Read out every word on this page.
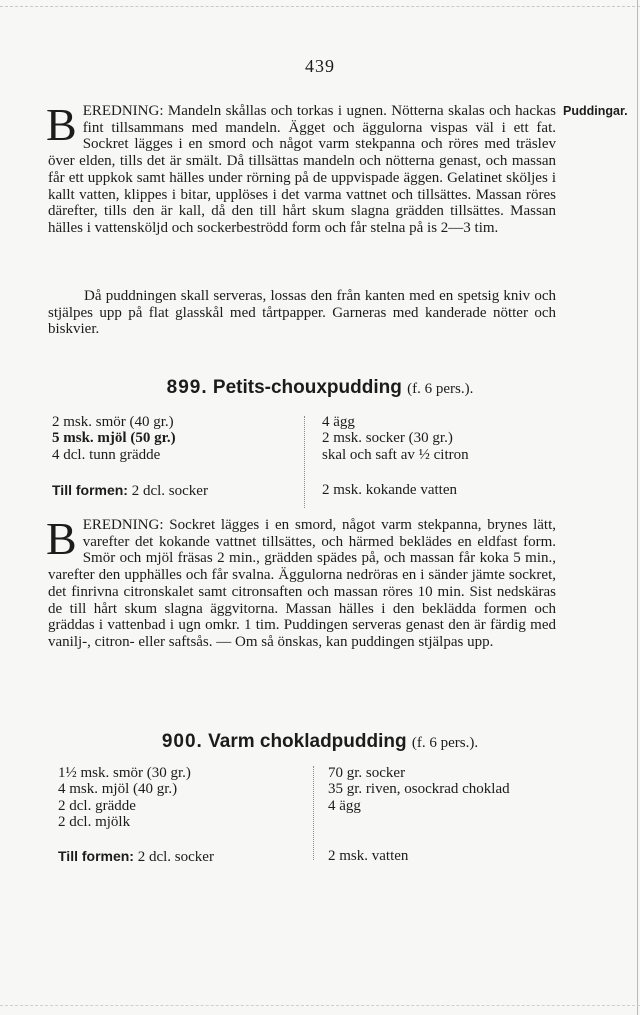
439
Puddingar.
BEREDNING: Mandeln skållas och torkas i ugnen. Nötterna skalas och hackas fint tillsammans med mandeln. Ägget och äggulorna vispas väl i ett fat. Sockret lägges i en smord och något varm stekpanna och röres med träslev över elden, tills det är smält. Då tillsättas mandeln och nötterna genast, och massan får ett uppkok samt hälles under rörning på de uppvispade äggen. Gelatinet sköljes i kallt vatten, klippes i bitar, upplöses i det varma vattnet och tillsättes. Massan röres därefter, tills den är kall, då den till hårt skum slagna grädden tillsättes. Massan hälles i vattensköljd och sockerbeströdd form och får stelna på is 2—3 tim.
Då puddningen skall serveras, lossas den från kanten med en spetsig kniv och stjälpes upp på flat glasskål med tårtpapper. Garneras med kanderade nötter och biskvier.
899. Petits-chouxpudding (f. 6 pers.).
2 msk. smör (40 gr.)
5 msk. mjöl (50 gr.)
4 dcl. tunn grädde
4 ägg
2 msk. socker (30 gr.)
skal och saft av ½ citron
Till formen: 2 dcl. socker	2 msk. kokande vatten
BEREDNING: Sockret lägges i en smord, något varm stekpanna, brynes lätt, varefter det kokande vattnet tillsättes, och härmed beklädes en eldfast form. Smör och mjöl fräsas 2 min., grädden spädes på, och massan får koka 5 min., varefter den upphälles och får svalna. Äggulorna nedröras en i sänder jämte sockret, det finrivna citronskalet samt citronsaften och massan röres 10 min. Sist nedskäras de till hårt skum slagna äggvitorna. Massan hälles i den beklädda formen och gräddas i vattenbad i ugn omkr. 1 tim. Puddingen serveras genast den är färdig med vanilj-, citron- eller saftsås. — Om så önskas, kan puddingen stjälpas upp.
900. Varm chokladpudding (f. 6 pers.).
1½ msk. smör (30 gr.)
4 msk. mjöl (40 gr.)
2 dcl. grädde
2 dcl. mjölk
70 gr. socker
35 gr. riven, osockrad choklad
4 ägg
Till formen: 2 dcl. socker	2 msk. vatten
